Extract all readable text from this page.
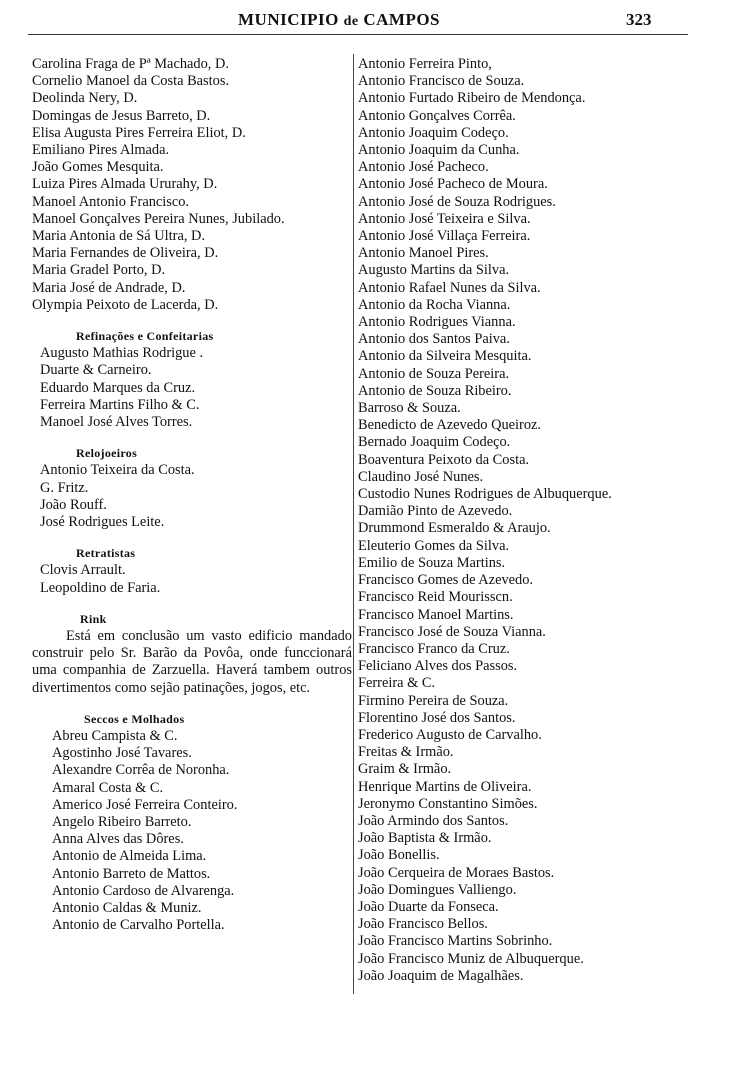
MUNICIPIO de CAMPOS	323
Carolina Fraga de Pª Machado, D.
Cornelio Manoel da Costa Bastos.
Deolinda Nery, D.
Domingas de Jesus Barreto, D.
Elisa Augusta Pires Ferreira Eliot, D.
Emiliano Pires Almada.
João Gomes Mesquita.
Luiza Pires Almada Ururahy, D.
Manoel Antonio Francisco.
Manoel Gonçalves Pereira Nunes, Jubilado.
Maria Antonia de Sá Ultra, D.
Maria Fernandes de Oliveira, D.
Maria Gradel Porto, D.
Maria José de Andrade, D.
Olympia Peixoto de Lacerda, D.
Refinações e Confeitarias
Augusto Mathias Rodrigue .
Duarte & Carneiro.
Eduardo Marques da Cruz.
Ferreira Martins Filho & C.
Manoel José Alves Torres.
Relojoeiros
Antonio Teixeira da Costa.
G. Fritz.
João Rouff.
José Rodrigues Leite.
Retratistas
Clovis Arrault.
Leopoldino de Faria.
Rink

Está em conclusão um vasto edificio mandado construir pelo Sr. Barão da Povôa, onde funccionará uma companhia de Zarzuella. Haverá tambem outros divertimentos como sejão patinações, jogos, etc.

Seccos e Molhados
Abreu Campista & C.
Agostinho José Tavares.
Alexandre Corrêa de Noronha.
Amaral Costa & C.
Americo José Ferreira Conteiro.
Angelo Ribeiro Barreto.
Anna Alves das Dôres.
Antonio de Almeida Lima.
Antonio Barreto de Mattos.
Antonio Cardoso de Alvarenga.
Antonio Caldas & Muniz.
Antonio de Carvalho Portella.
Antonio Ferreira Pinto,
Antonio Francisco de Souza.
Antonio Furtado Ribeiro de Mendonça.
Antonio Gonçalves Corrêa.
Antonio Joaquim Codeço.
Antonio Joaquim da Cunha.
Antonio José Pacheco.
Antonio José Pacheco de Moura.
Antonio José de Souza Rodrigues.
Antonio José Teixeira e Silva.
Antonio José Villaça Ferreira.
Antonio Manoel Pires.
Augusto Martins da Silva.
Antonio Rafael Nunes da Silva.
Antonio da Rocha Vianna.
Antonio Rodrigues Vianna.
Antonio dos Santos Paiva.
Antonio da Silveira Mesquita.
Antonio de Souza Pereira.
Antonio de Souza Ribeiro.
Barroso & Souza.
Benedicto de Azevedo Queiroz.
Bernado Joaquim Codeço.
Boaventura Peixoto da Costa.
Claudino José Nunes.
Custodio Nunes Rodrigues de Albuquerque.
Damião Pinto de Azevedo.
Drummond Esmeraldo & Araujo.
Eleuterio Gomes da Silva.
Emilio de Souza Martins.
Francisco Gomes de Azevedo.
Francisco Reid Mourisscn.
Francisco Manoel Martins.
Francisco José de Souza Vianna.
Francisco Franco da Cruz.
Feliciano Alves dos Passos.
Ferreira & C.
Firmino Pereira de Souza.
Florentino José dos Santos.
Frederico Augusto de Carvalho.
Freitas & Irmão.
Graim & Irmão.
Henrique Martins de Oliveira.
Jeronymo Constantino Simões.
João Armindo dos Santos.
João Baptista & Irmão.
João Bonellis.
João Cerqueira de Moraes Bastos.
João Domingues Valliengo.
João Duarte da Fonseca.
João Francisco Bellos.
João Francisco Martins Sobrinho.
João Francisco Muniz de Albuquerque.
João Joaquim de Magalhães.
